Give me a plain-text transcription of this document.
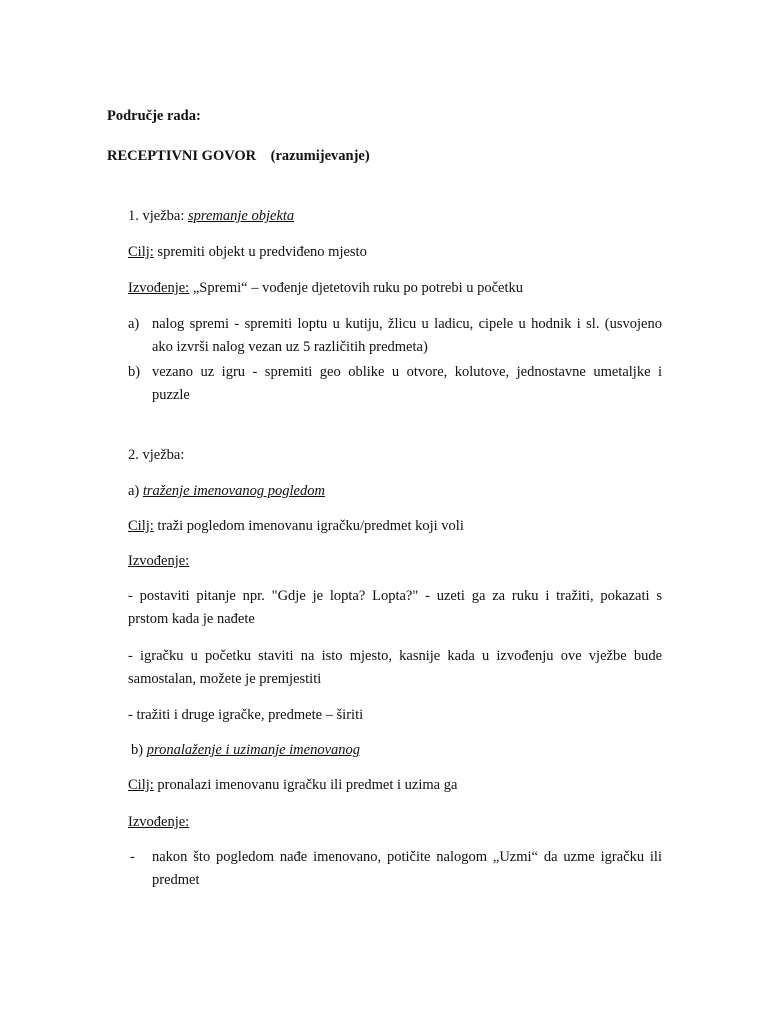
Područje rada:
RECEPTIVNI GOVOR (razumijevanje)
1. vježba: spremanje objekta
Cilj: spremiti objekt u predviđeno mjesto
Izvođenje: „Spremi“ – vođenje djetetovih ruku po potrebi u početku
a) nalog spremi - spremiti loptu u kutiju, žlicu u ladicu, cipele u hodnik i sl. (usvojeno
ako izvrši nalog vezan uz 5 različitih predmeta)
b) vezano uz igru - spremiti geo oblike u otvore, kolutove, jednostavne umetaljke i
puzzle
2. vježba:
a) traženje imenovanog pogledom
Cilj: traži pogledom imenovanu igračku/predmet koji voli
Izvođenje:
- postaviti pitanje npr. "Gdje je lopta? Lopta?" - uzeti ga za ruku i tražiti, pokazati s
prstom kada je nađete
- igračku u početku staviti na isto mjesto, kasnije kada u izvođenju ove vježbe bude
samostalan, možete je premjestiti
- tražiti i druge igračke, predmete – širiti
b) pronalaženje i uzimanje imenovanog
Cilj: pronalazi imenovanu igračku ili predmet i uzima ga
Izvođenje:
- nakon što pogledom nađe imenovano, potičite nalogom „Uzmi“ da uzme igračku ili
predmet
